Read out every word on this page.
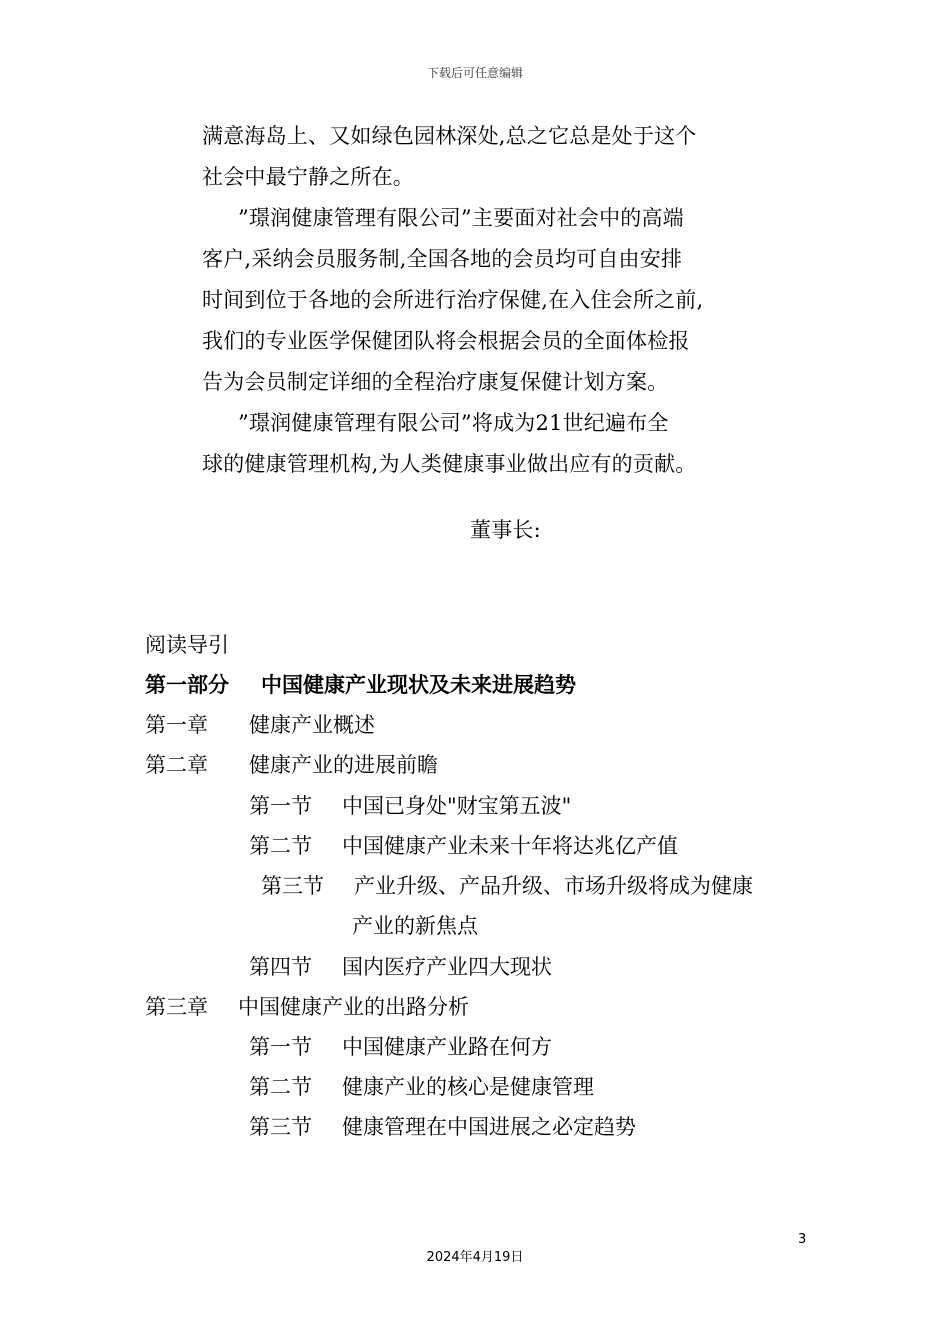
下载后可任意编辑
满意海岛上、又如绿色园林深处,总之它总是处于这个
社会中最宁静之所在。
”璟润健康管理有限公司”主要面对社会中的高端
客户,采纳会员服务制,全国各地的会员均可自由安排
时间到位于各地的会所进行治疗保健,在入住会所之前,
我们的专业医学保健团队将会根据会员的全面体检报
告为会员制定详细的全程治疗康复保健计划方案。
”璟润健康管理有限公司”将成为21世纪遍布全
球的健康管理机构,为人类健康事业做出应有的贡献。
董事长:
阅读导引
第一部分 中国健康产业现状及未来进展趋势
第一章 健康产业概述
第二章 健康产业的进展前瞻
第一节 中国已身处"财宝第五波"
第二节 中国健康产业未来十年将达兆亿产值
第三节 产业升级、产品升级、市场升级将成为健康
产业的新焦点
第四节 国内医疗产业四大现状
第三章 中国健康产业的出路分析
第一节 中国健康产业路在何方
第二节 健康产业的核心是健康管理
第三节 健康管理在中国进展之必定趋势
3
2024年4月19日
